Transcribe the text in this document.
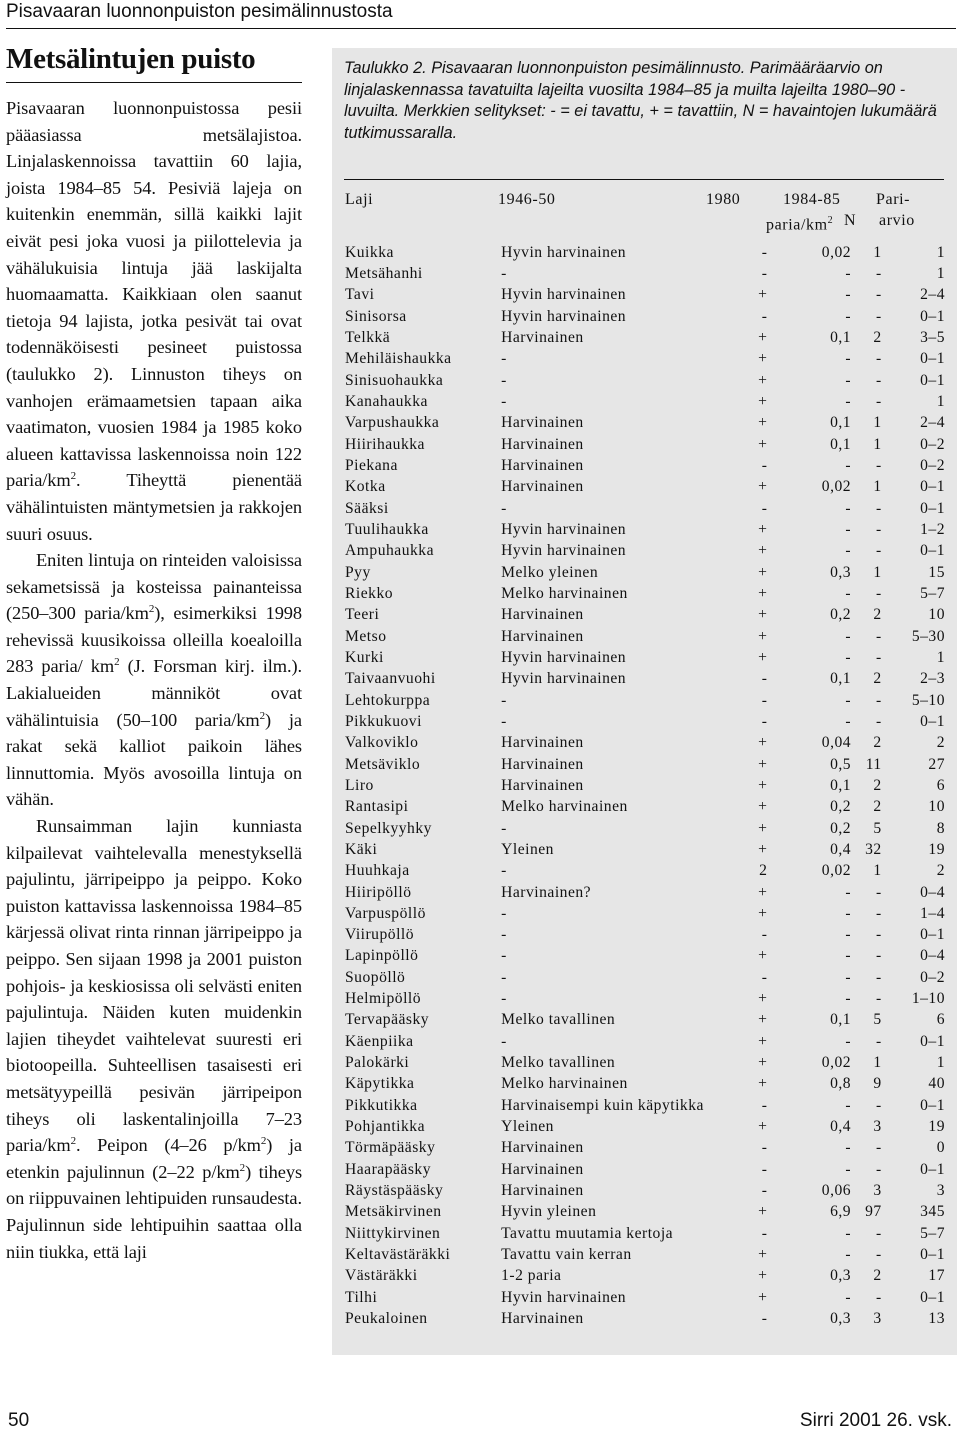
Pisavaaran luonnonpuiston pesimälinnustosta
Metsälintujen puisto

Pisavaaran luonnonpuistossa pesii pääasiassa metsälajistoa. Linjalaskennoissa tavattiin 60 lajia, joista 1984–85 54. Pesiviä lajeja on kuitenkin enemmän, sillä kaikki lajit eivät pesi joka vuosi ja piilottelevia ja vähälukuisia lintuja jää laskijalta huomaamatta. Kaikkiaan olen saanut tietoja 94 lajista, jotka pesivät tai ovat todennäköisesti pesineet puistossa (taulukko 2). Linnuston tiheys on vanhojen erämaametsien tapaan aika vaatimaton, vuosien 1984 ja 1985 koko alueen kattavissa laskennoissa noin 122 paria/$km^2$. Tiheyttä pienentää vähälintuisten mäntymetsien ja rakkojen suuri osuus.

Eniten lintuja on rinteiden valoisissa sekametsissä ja kosteissa painanteissa (250–300 paria/$km^2$), esimerkiksi 1998 rehevissä kuusikoissa olleilla koealoilla 283 paria/ $km^2$ (J. Forsman kirj. ilm.). Lakialueiden männiköt ovat vähälintuisia (50–100 paria/$km^2$) ja rakat sekä kalliot paikoin lähes linnuttomia. Myös avosoilla lintuja on vähän.

Runsaimman lajin kunniasta kilpailevat vaihtelevalla menestyksellä pajulintu, järripeippo ja peippo. Koko puiston kattavissa laskennoissa 1984–85 kärjessä olivat rinta rinnan järripeippo ja peippo. Sen sijaan 1998 ja 2001 puiston pohjois- ja keskiosissa oli selvästi eniten pajulintuja. Näiden kuten muidenkin lajien tiheydet vaihtelevat suuresti eri biotoopeilla. Suhteellisen tasaisesti eri metsätyypeillä pesivän järripeipon tiheys oli laskentalinjoilla 7–23 paria/$km^2$. Peipon (4–26 $p/km^2$) ja etenkin pajulinnun (2–22 $p/km^2$) tiheys on riippuvainen lehtipuiden runsaudesta. Pajulinnun side lehtipuihin saattaa olla niin tiukka, että laji

Taulukko 2. Pisavaaran luonnonpuiston pesimälinnusto. Parimääräarvio on linjalaskennassa tavatuilta lajeilta vuosilta 1984–85 ja muilta lajeilta 1980–90 - luvuilta. Merkkien selitykset: - = ei tavattu, + = tavattiin, N = havaintojen lukumäärä tutkimussaralla.
Laji	1946-50	1980	1984-85
paria/$km^2$ N
Pari-
arvio
Kuikka	Hyvin harvinainen	-	0,02	1	1
Metsähanhi	-	-	-	-	1
Tavi	Hyvin harvinainen	+	-	-	2–4
Sinisorsa	Hyvin harvinainen	-	-	-	0–1
Telkkä	Harvinainen	+	0,1	2	3–5
Mehiläishaukka	-	+	-	-	0–1
Sinisuohaukka	-	+	-	-	0–1
Kanahaukka	-	+	-	-	1
Varpushaukka	Harvinainen	+	0,1	1	2–4
Hiirihaukka	Harvinainen	+	0,1	1	0–2
Piekana	Harvinainen	-	-	-	0–2
Kotka	Harvinainen	+	0,02	1	0–1
Sääksi	-	-	-	-	0–1
Tuulihaukka	Hyvin harvinainen	+	-	-	1–2
Ampuhaukka	Hyvin harvinainen	+	-	-	0–1
Pyy	Melko yleinen	+	0,3	1	15
Riekko	Melko harvinainen	+	-	-	5–7
Teeri	Harvinainen	+	0,2	2	10
Metso	Harvinainen	+	-	-	5–30
Kurki	Hyvin harvinainen	+	-	-	1
Taivaanvuohi	Hyvin harvinainen	-	0,1	2	2–3
Lehtokurppa	-	-	-	-	5–10
Pikkukuovi	-	-	-	-	0–1
Valkoviklo	Harvinainen	+	0,04	2	2
Metsäviklo	Harvinainen	+	0,5	11	27
Liro	Harvinainen	+	0,1	2	6
Rantasipi	Melko harvinainen	+	0,2	2	10
Sepelkyyhky	-	+	0,2	5	8
Käki	Yleinen	+	0,4	32	19
Huuhkaja	-	2	0,02	1	2
Hiiripöllö	Harvinainen?	+	-	-	0–4
Varpuspöllö	-	+	-	-	1–4
Viirupöllö	-	-	-	-	0–1
Lapinpöllö	-	+	-	-	0–4
Suopöllö	-	-	-	-	0–2
Helmipöllö	-	+	-	-	1–10
Tervapääsky	Melko tavallinen	+	0,1	5	6
Käenpiika	-	+	-	-	0–1
Palokärki	Melko tavallinen	+	0,02	1	1
Käpytikka	Melko harvinainen	+	0,8	9	40
Pikkutikka	Harvinaisempi kuin käpytikka	-	-	-	0–1
Pohjantikka	Yleinen	+	0,4	3	19
Törmäpääsky	Harvinainen	-	-	-	0
Haarapääsky	Harvinainen	-	-	-	0–1
Räystäspääsky	Harvinainen	-	0,06	3	3
Metsäkirvinen	Hyvin yleinen	+	6,9	97	345
Niittykirvinen	Tavattu muutamia kertoja	-	-	-	5–7
Keltavästäräkki	Tavattu vain kerran	+	-	-	0–1
Västäräkki	1-2 paria	+	0,3	2	17
Tilhi	Hyvin harvinainen	+	-	-	0–1
Peukaloinen	Harvinainen	-	0,3	3	13
50	Sirri 2001 26. vsk.
